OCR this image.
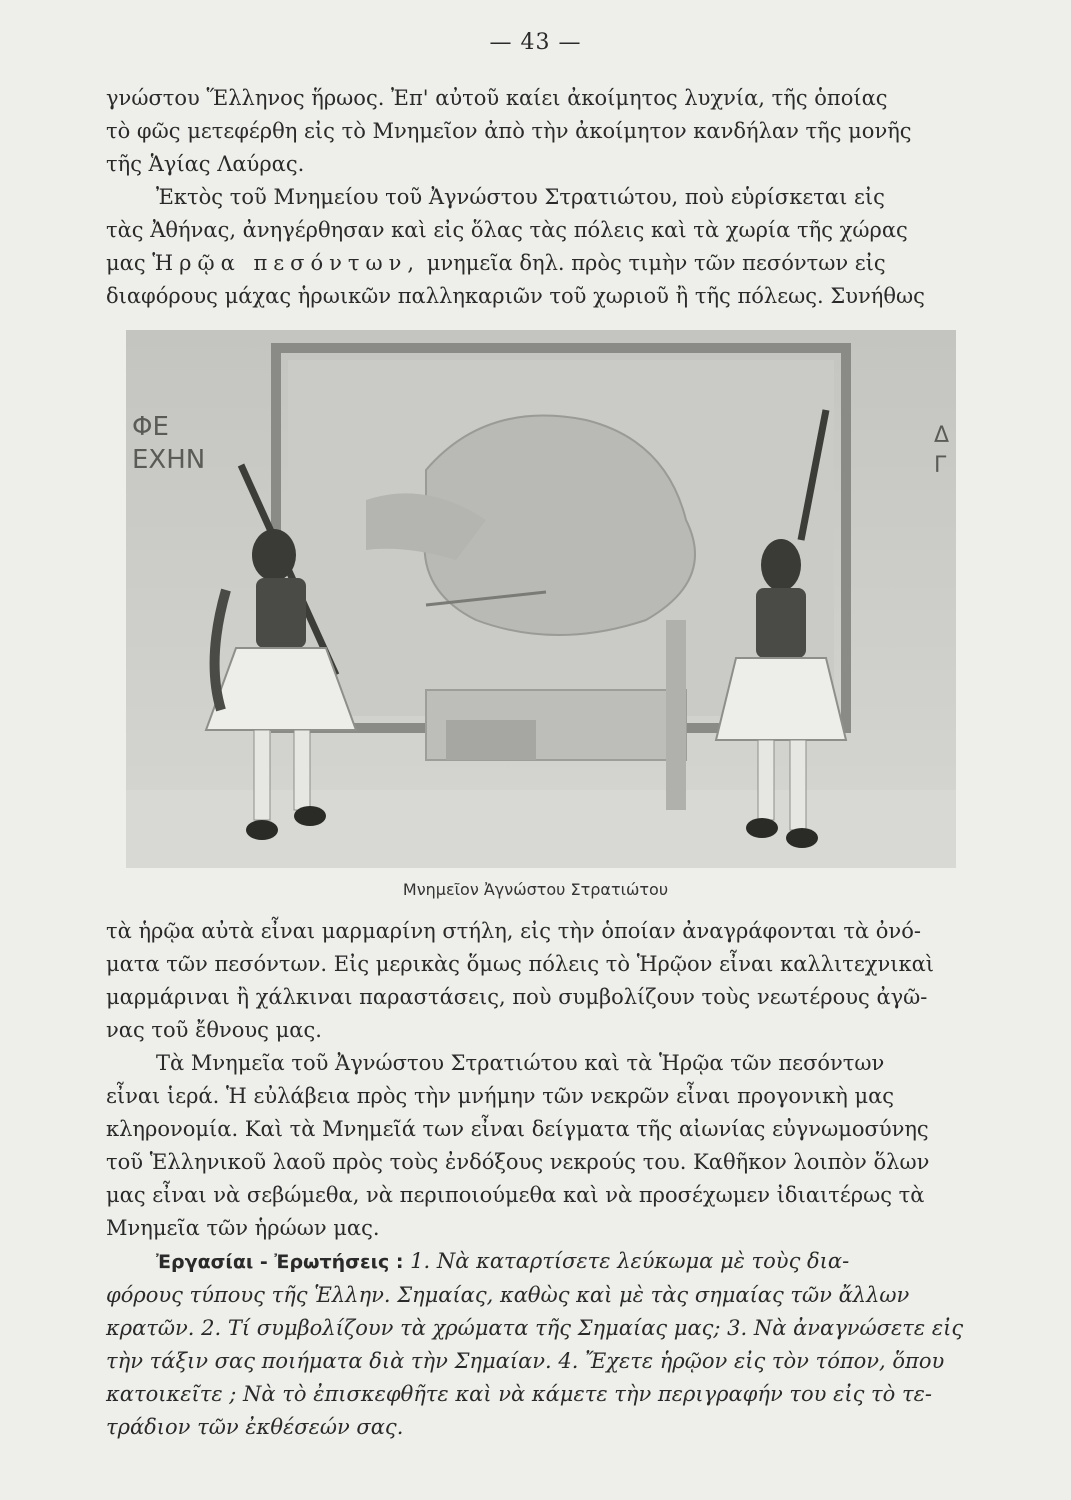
— 43 —

γνώστου Ἕλληνος ἥρωος. Ἐπ' αὐτοῦ καίει ἀκοίμητος λυχνία, τῆς ὁποίας
τὸ φῶς μετεφέρθη εἰς τὸ Μνημεῖον ἀπὸ τὴν ἀκοίμητον κανδήλαν τῆς μονῆς
τῆς Ἁγίας Λαύρας.

Ἐκτὸς τοῦ Μνημείου τοῦ Ἀγνώστου Στρατιώτου, ποὺ εὑρίσκεται εἰς
τὰς Ἀθήνας, ἀνηγέρθησαν καὶ εἰς ὅλας τὰς πόλεις καὶ τὰ χωρία τῆς χώρας
μας Ἡρῷα πεσόντων, μνημεῖα δηλ. πρὸς τιμὴν τῶν πεσόντων εἰς
διαφόρους μάχας ἡρωικῶν παλληκαριῶν τοῦ χωριοῦ ἢ τῆς πόλεως. Συνήθως

ΦΕ
ΕΧΗΝ
Δ
Γ
Μνημεῖον Ἀγνώστου Στρατιώτου

τὰ ἡρῷα αὐτὰ εἶναι μαρμαρίνη στήλη, εἰς τὴν ὁποίαν ἀναγράφονται τὰ ὀνό-
ματα τῶν πεσόντων. Εἰς μερικὰς ὅμως πόλεις τὸ Ἡρῷον εἶναι καλλιτεχνικαὶ
μαρμάριναι ἢ χάλκιναι παραστάσεις, ποὺ συμβολίζουν τοὺς νεωτέρους ἀγῶ-
νας τοῦ ἔθνους μας.

Τὰ Μνημεῖα τοῦ Ἀγνώστου Στρατιώτου καὶ τὰ Ἡρῷα τῶν πεσόντων
εἶναι ἱερά. Ἡ εὐλάβεια πρὸς τὴν μνήμην τῶν νεκρῶν εἶναι προγονικὴ μας
κληρονομία. Καὶ τὰ Μνημεῖά των εἶναι δείγματα τῆς αἰωνίας εὐγνωμοσύνης
τοῦ Ἑλληνικοῦ λαοῦ πρὸς τοὺς ἐνδόξους νεκρούς του. Καθῆκον λοιπὸν ὅλων
μας εἶναι νὰ σεβώμεθα, νὰ περιποιούμεθα καὶ νὰ προσέχωμεν ἰδιαιτέρως τὰ
Μνημεῖα τῶν ἡρώων μας.

Ἐργασίαι - Ἐρωτήσεις : 1. Νὰ καταρτίσετε λεύκωμα μὲ τοὺς δια-
φόρους τύπους τῆς Ἑλλην. Σημαίας, καθὼς καὶ μὲ τὰς σημαίας τῶν ἄλλων
κρατῶν. 2. Τί συμβολίζουν τὰ χρώματα τῆς Σημαίας μας; 3. Νὰ ἀναγνώσετε εἰς
τὴν τάξιν σας ποιήματα διὰ τὴν Σημαίαν. 4. Ἔχετε ἡρῷον εἰς τὸν τόπον, ὅπου
κατοικεῖτε ; Νὰ τὸ ἐπισκεφθῆτε καὶ νὰ κάμετε τὴν περιγραφήν του εἰς τὸ τε-
τράδιον τῶν ἐκθέσεών σας.
